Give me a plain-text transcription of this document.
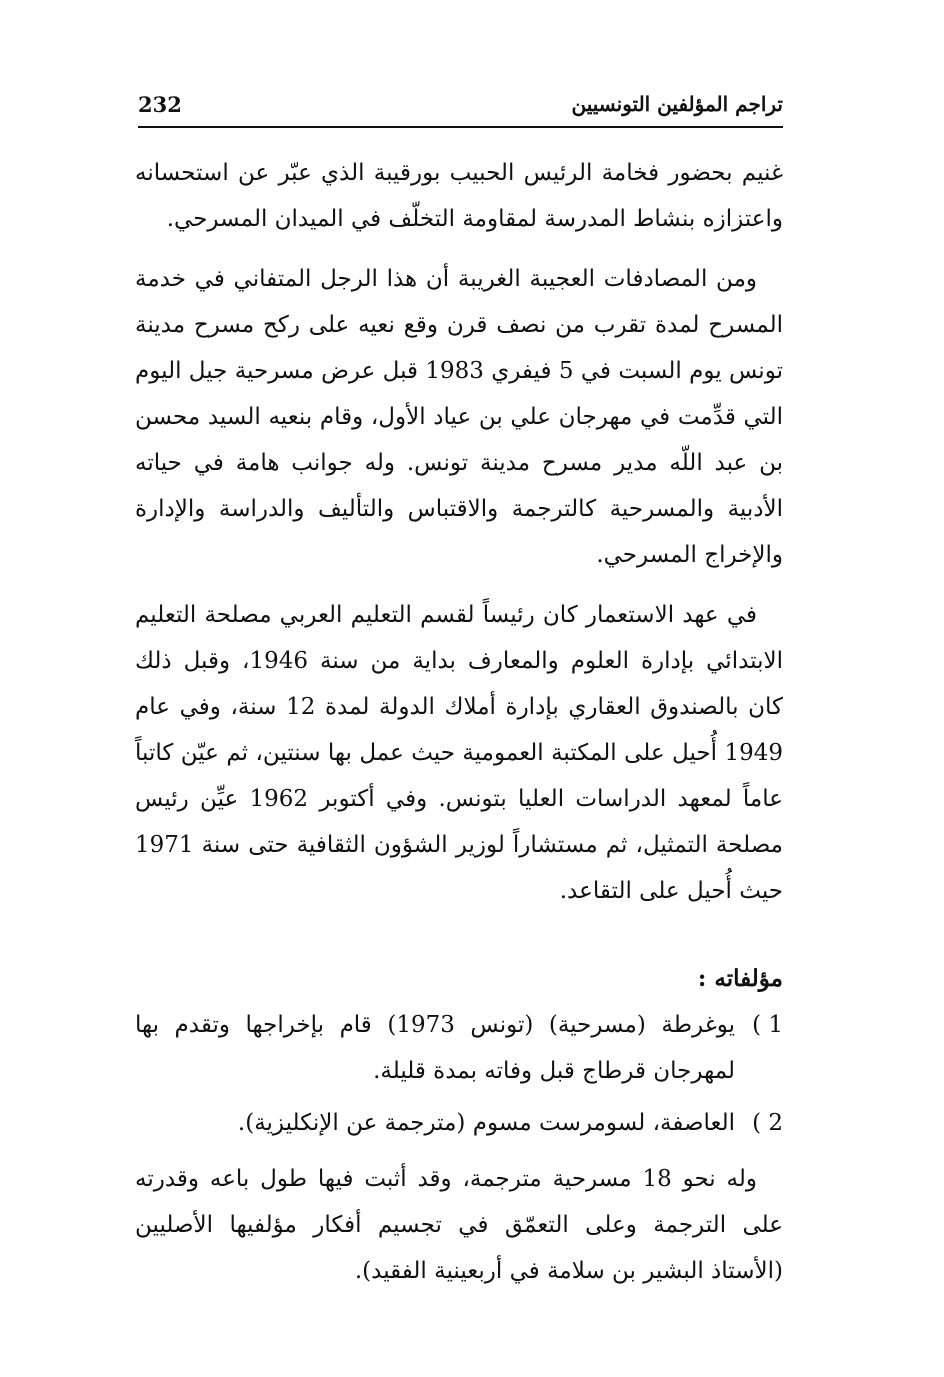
232	تراجم المؤلفين التونسيين

غنيم بحضور فخامة الرئيس الحبيب بورقيبة الذي عبّر عن استحسانه واعتزازه بنشاط المدرسة لمقاومة التخلّف في الميدان المسرحي.

ومن المصادفات العجيبة الغريبة أن هذا الرجل المتفاني في خدمة المسرح لمدة تقرب من نصف قرن وقع نعيه على ركح مسرح مدينة تونس يوم السبت في 5 فيفري 1983 قبل عرض مسرحية جيل اليوم التي قدِّمت في مهرجان علي بن عياد الأول، وقام بنعيه السيد محسن بن عبد اللّه مدير مسرح مدينة تونس. وله جوانب هامة في حياته الأدبية والمسرحية كالترجمة والاقتباس والتأليف والدراسة والإدارة والإخراج المسرحي.

في عهد الاستعمار كان رئيساً لقسم التعليم العربي مصلحة التعليم الابتدائي بإدارة العلوم والمعارف بداية من سنة 1946، وقبل ذلك كان بالصندوق العقاري بإدارة أملاك الدولة لمدة 12 سنة، وفي عام 1949 أُحيل على المكتبة العمومية حيث عمل بها سنتين، ثم عيّن كاتباً عاماً لمعهد الدراسات العليا بتونس. وفي أكتوبر 1962 عيِّن رئيس مصلحة التمثيل، ثم مستشاراً لوزير الشؤون الثقافية حتى سنة 1971 حيث أُحيل على التقاعد.

مؤلفاته :
1 )
يوغرطة (مسرحية) (تونس 1973) قام بإخراجها وتقدم بها لمهرجان قرطاج قبل وفاته بمدة قليلة.
2 )
العاصفة، لسومرست مسوم (مترجمة عن الإنكليزية).

وله نحو 18 مسرحية مترجمة، وقد أثبت فيها طول باعه وقدرته على الترجمة وعلى التعمّق في تجسيم أفكار مؤلفيها الأصليين (الأستاذ البشير بن سلامة في أربعينية الفقيد).
